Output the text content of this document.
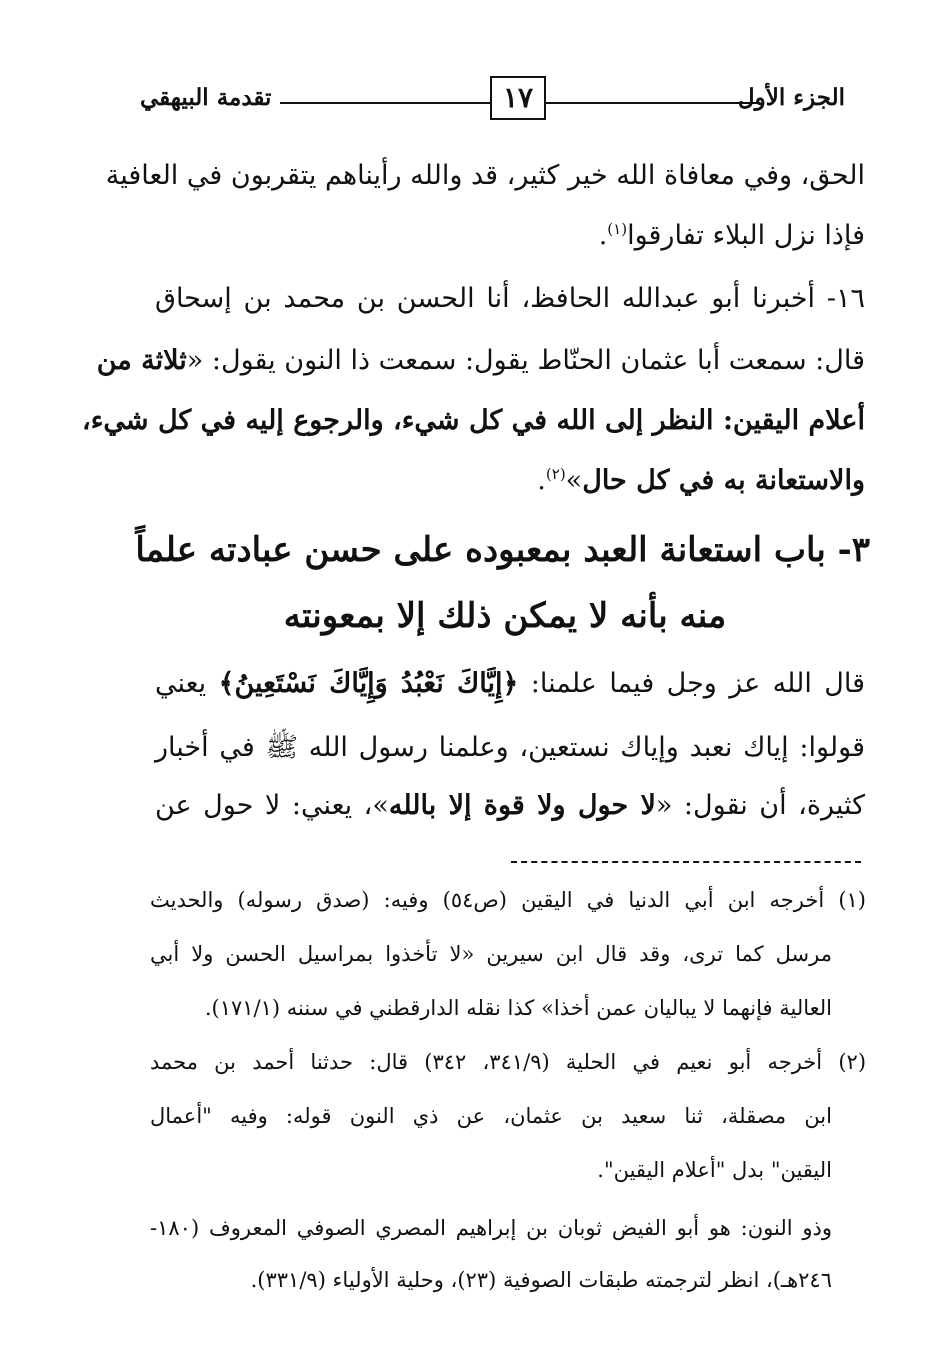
الجزء الأول
١٧
تقدمة البيهقي
الحق، وفي معافاة الله خير كثير، قد والله رأيناهم يتقربون في العافية
فإذا نزل البلاء تفارقوا$^{(١)}$.
١٦- أخبرنا أبو عبدالله الحافظ، أنا الحسن بن محمد بن إسحاق
قال: سمعت أبا عثمان الحنّاط يقول: سمعت ذا النون يقول: «ثلاثة من
أعلام اليقين: النظر إلى الله في كل شيء، والرجوع إليه في كل شيء،
والاستعانة به في كل حال»$^{(٢)}$.
٣- باب استعانة العبد بمعبوده على حسن عبادته علماً
منه بأنه لا يمكن ذلك إلا بمعونته
قال الله عز وجل فيما علمنا: ﴿إِيَّاكَ نَعْبُدُ وَإِيَّاكَ نَسْتَعِينُ﴾ يعني
قولوا: إياك نعبد وإياك نستعين، وعلمنا رسول الله ﷺ في أخبار
كثيرة، أن نقول: «لا حول ولا قوة إلا بالله»، يعني: لا حول عن
(١) أخرجه ابن أبي الدنيا في اليقين (ص٥٤) وفيه: (صدق رسوله) والحديث
مرسل كما ترى، وقد قال ابن سيرين «لا تأخذوا بمراسيل الحسن ولا أبي
العالية فإنهما لا يباليان عمن أخذا» كذا نقله الدارقطني في سننه (١٧١/١).
(٢) أخرجه أبو نعيم في الحلية (٣٤١/٩، ٣٤٢) قال: حدثنا أحمد بن محمد
ابن مصقلة، ثنا سعيد بن عثمان، عن ذي النون قوله: وفيه "أعمال
اليقين" بدل "أعلام اليقين".
وذو النون: هو أبو الفيض ثوبان بن إبراهيم المصري الصوفي المعروف (١٨٠-
٢٤٦هـ)، انظر لترجمته طبقات الصوفية (٢٣)، وحلية الأولياء (٣٣١/٩).
